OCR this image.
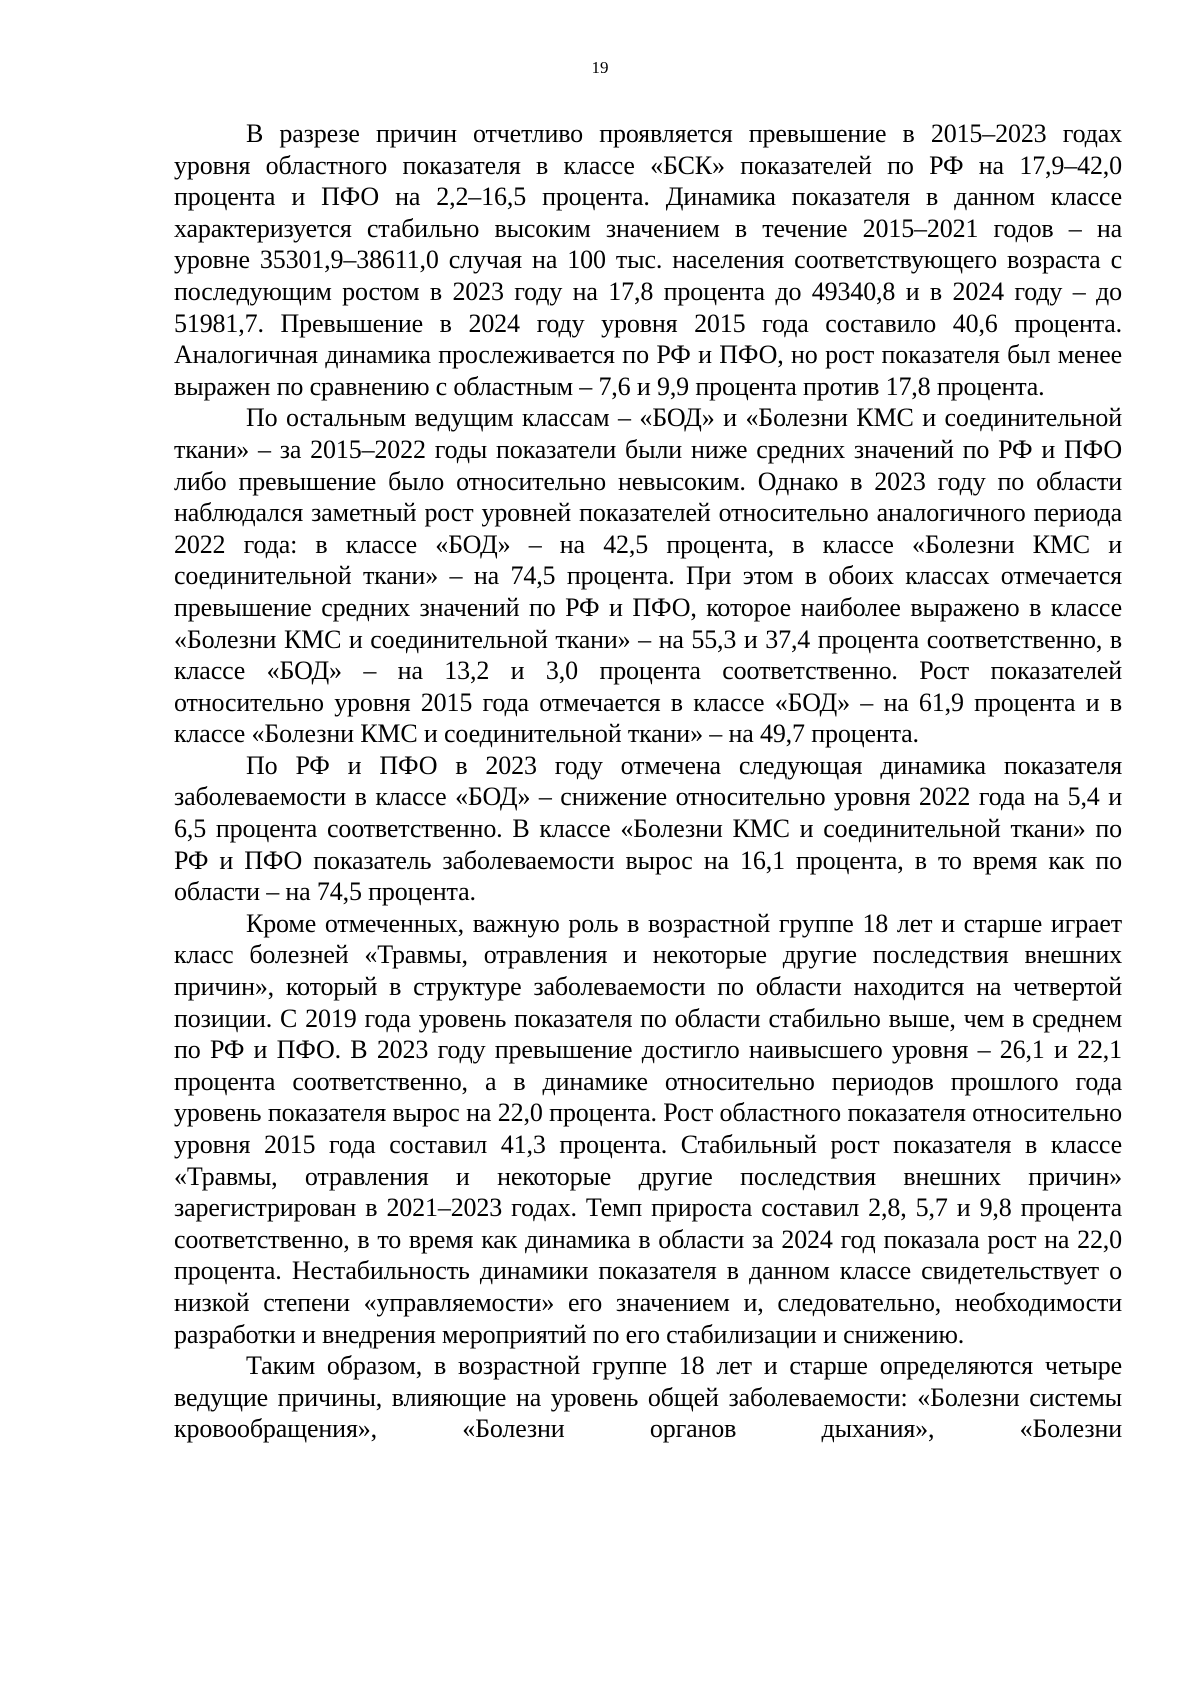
19

В разрезе причин отчетливо проявляется превышение в 2015–2023 годах уровня областного показателя в классе «БСК» показателей по РФ на 17,9–42,0 процента и ПФО на 2,2–16,5 процента. Динамика показателя в данном классе характеризуется стабильно высоким значением в течение 2015–2021 годов – на уровне 35301,9–38611,0 случая на 100 тыс. населения соответствующего возраста с последующим ростом в 2023 году на 17,8 процента до 49340,8 и в 2024 году – до 51981,7. Превышение в 2024 году уровня 2015 года составило 40,6 процента. Аналогичная динамика прослеживается по РФ и ПФО, но рост показателя был менее выражен по сравнению с областным – 7,6 и 9,9 процента против 17,8 процента.

По остальным ведущим классам – «БОД» и «Болезни КМС и соединительной ткани» – за 2015–2022 годы показатели были ниже средних значений по РФ и ПФО либо превышение было относительно невысоким. Однако в 2023 году по области наблюдался заметный рост уровней показателей относительно аналогичного периода 2022 года: в классе «БОД» – на 42,5 процента, в классе «Болезни КМС и соединительной ткани» – на 74,5 процента. При этом в обоих классах отмечается превышение средних значений по РФ и ПФО, которое наиболее выражено в классе «Болезни КМС и соединительной ткани» – на 55,3 и 37,4 процента соответственно, в классе «БОД» – на 13,2 и 3,0 процента соответственно. Рост показателей относительно уровня 2015 года отмечается в классе «БОД» – на 61,9 процента и в классе «Болезни КМС и соединительной ткани» – на 49,7 процента.

По РФ и ПФО в 2023 году отмечена следующая динамика показателя заболеваемости в классе «БОД» – снижение относительно уровня 2022 года на 5,4 и 6,5 процента соответственно. В классе «Болезни КМС и соединительной ткани» по РФ и ПФО показатель заболеваемости вырос на 16,1 процента, в то время как по области – на 74,5 процента.

Кроме отмеченных, важную роль в возрастной группе 18 лет и старше играет класс болезней «Травмы, отравления и некоторые другие последствия внешних причин», который в структуре заболеваемости по области находится на четвертой позиции. С 2019 года уровень показателя по области стабильно выше, чем в среднем по РФ и ПФО. В 2023 году превышение достигло наивысшего уровня – 26,1 и 22,1 процента соответственно, а в динамике относительно периодов прошлого года уровень показателя вырос на 22,0 процента. Рост областного показателя относительно уровня 2015 года составил 41,3 процента. Стабильный рост показателя в классе «Травмы, отравления и некоторые другие последствия внешних причин» зарегистрирован в 2021–2023 годах. Темп прироста составил 2,8, 5,7 и 9,8 процента соответственно, в то время как динамика в области за 2024 год показала рост на 22,0 процента. Нестабильность динамики показателя в данном классе свидетельствует о низкой степени «управляемости» его значением и, следовательно, необходимости разработки и внедрения мероприятий по его стабилизации и снижению.

Таким образом, в возрастной группе 18 лет и старше определяются четыре ведущие причины, влияющие на уровень общей заболеваемости: «Болезни системы кровообращения», «Болезни органов дыхания», «Болезни
